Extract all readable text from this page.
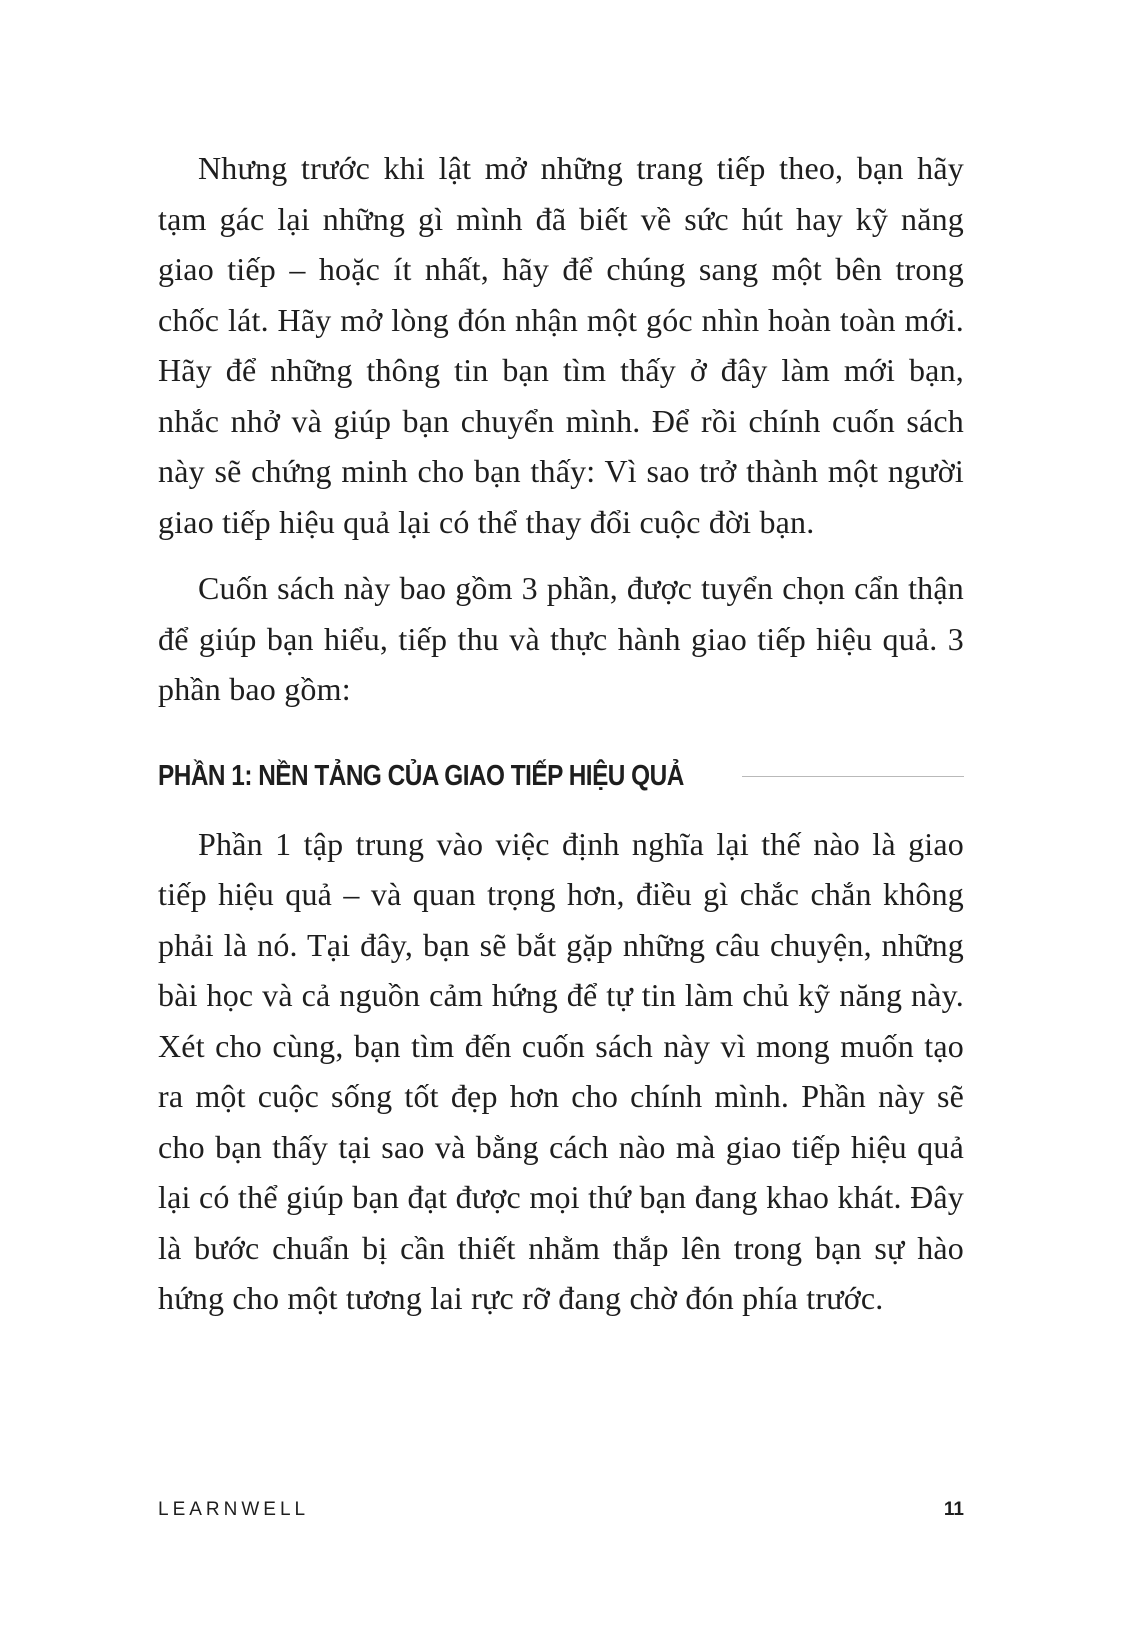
Nhưng trước khi lật mở những trang tiếp theo, bạn hãy tạm gác lại những gì mình đã biết về sức hút hay kỹ năng giao tiếp – hoặc ít nhất, hãy để chúng sang một bên trong chốc lát. Hãy mở lòng đón nhận một góc nhìn hoàn toàn mới. Hãy để những thông tin bạn tìm thấy ở đây làm mới bạn, nhắc nhở và giúp bạn chuyển mình. Để rồi chính cuốn sách này sẽ chứng minh cho bạn thấy: Vì sao trở thành một người giao tiếp hiệu quả lại có thể thay đổi cuộc đời bạn.

Cuốn sách này bao gồm 3 phần, được tuyển chọn cẩn thận để giúp bạn hiểu, tiếp thu và thực hành giao tiếp hiệu quả. 3 phần bao gồm:

PHẦN 1: NỀN TẢNG CỦA GIAO TIẾP HIỆU QUẢ

Phần 1 tập trung vào việc định nghĩa lại thế nào là giao tiếp hiệu quả – và quan trọng hơn, điều gì chắc chắn không phải là nó. Tại đây, bạn sẽ bắt gặp những câu chuyện, những bài học và cả nguồn cảm hứng để tự tin làm chủ kỹ năng này. Xét cho cùng, bạn tìm đến cuốn sách này vì mong muốn tạo ra một cuộc sống tốt đẹp hơn cho chính mình. Phần này sẽ cho bạn thấy tại sao và bằng cách nào mà giao tiếp hiệu quả lại có thể giúp bạn đạt được mọi thứ bạn đang khao khát. Đây là bước chuẩn bị cần thiết nhằm thắp lên trong bạn sự hào hứng cho một tương lai rực rỡ đang chờ đón phía trước.

LEARNWELL	11
